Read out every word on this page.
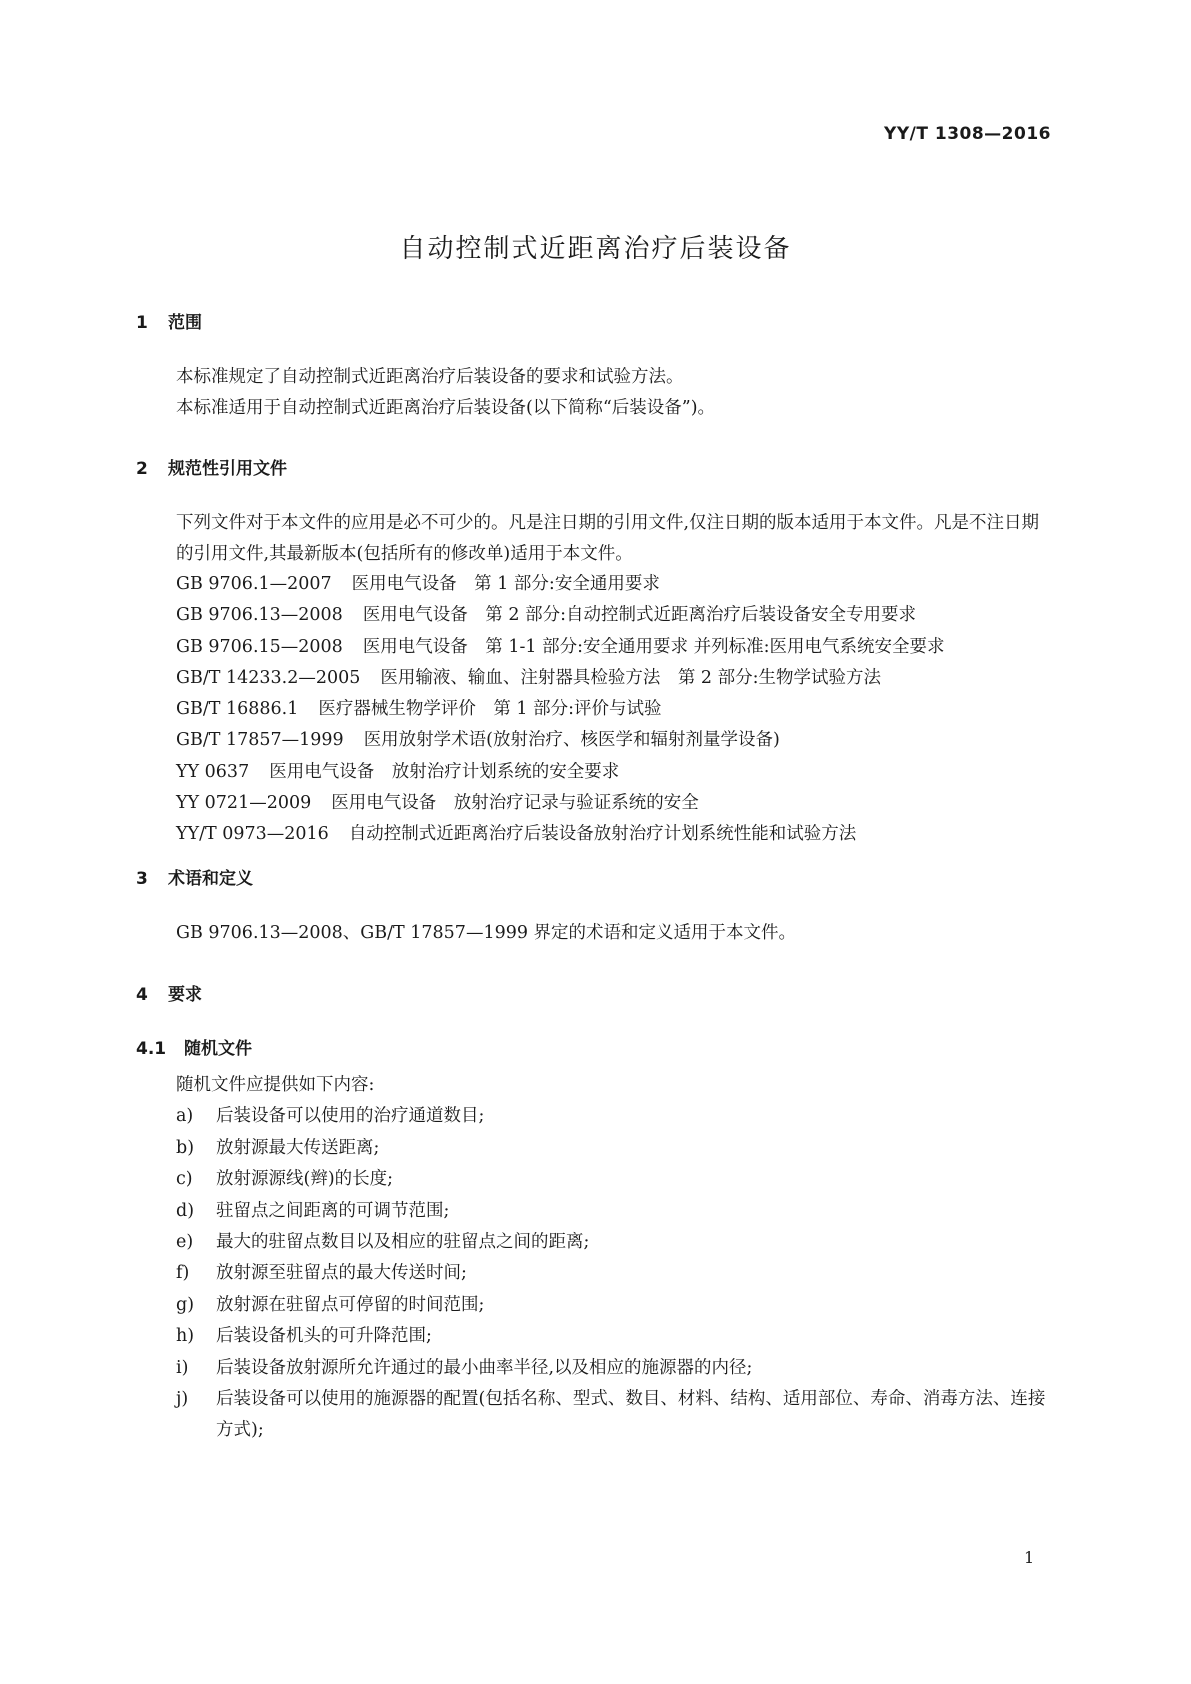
YY/T 1308—2016
自动控制式近距离治疗后装设备
1 范围

本标准规定了自动控制式近距离治疗后装设备的要求和试验方法。

本标准适用于自动控制式近距离治疗后装设备(以下简称“后装设备”)。

2 规范性引用文件

下列文件对于本文件的应用是必不可少的。凡是注日期的引用文件,仅注日期的版本适用于本文件。凡是不注日期的引用文件,其最新版本(包括所有的修改单)适用于本文件。

GB 9706.1—2007 医用电气设备　第 1 部分:安全通用要求
GB 9706.13—2008 医用电气设备　第 2 部分:自动控制式近距离治疗后装设备安全专用要求
GB 9706.15—2008 医用电气设备　第 1-1 部分:安全通用要求 并列标准:医用电气系统安全要求
GB/T 14233.2—2005 医用输液、输血、注射器具检验方法　第 2 部分:生物学试验方法
GB/T 16886.1 医疗器械生物学评价　第 1 部分:评价与试验
GB/T 17857—1999 医用放射学术语(放射治疗、核医学和辐射剂量学设备)
YY 0637 医用电气设备　放射治疗计划系统的安全要求
YY 0721—2009 医用电气设备　放射治疗记录与验证系统的安全
YY/T 0973—2016 自动控制式近距离治疗后装设备放射治疗计划系统性能和试验方法
3 术语和定义

GB 9706.13—2008、GB/T 17857—1999 界定的术语和定义适用于本文件。

4 要求
4.1 随机文件

随机文件应提供如下内容:

a)	后装设备可以使用的治疗通道数目;
b)	放射源最大传送距离;
c)	放射源源线(辫)的长度;
d)	驻留点之间距离的可调节范围;
e)	最大的驻留点数目以及相应的驻留点之间的距离;
f)	放射源至驻留点的最大传送时间;
g)	放射源在驻留点可停留的时间范围;
h)	后装设备机头的可升降范围;
i)	后装设备放射源所允许通过的最小曲率半径,以及相应的施源器的内径;
j)	后装设备可以使用的施源器的配置(包括名称、型式、数目、材料、结构、适用部位、寿命、消毒方法、连接方式);
1
